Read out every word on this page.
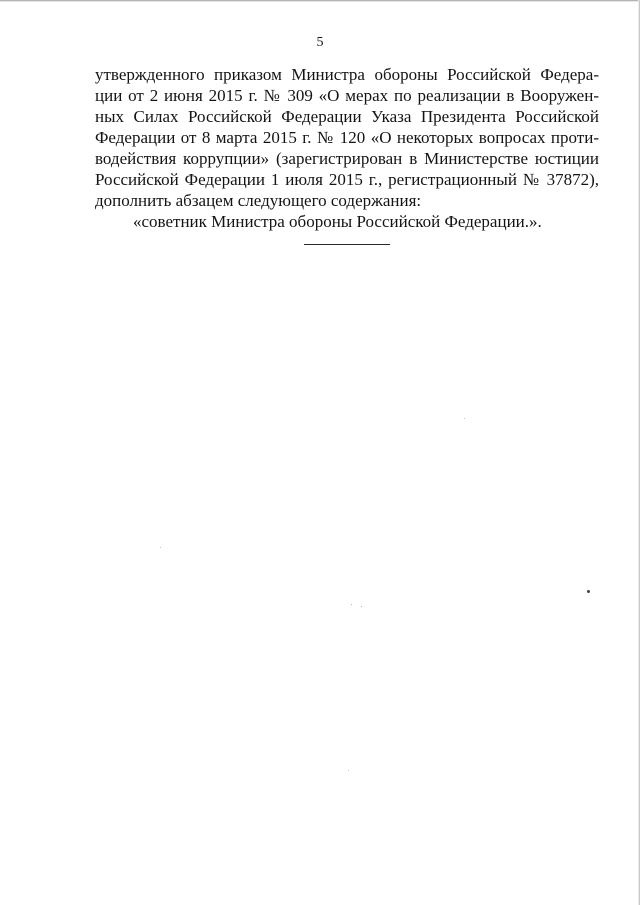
5
утвержденного приказом Министра обороны Российской Федера-
ции от 2 июня 2015 г. № 309 «О мерах по реализации в Вооружен-
ных Силах Российской Федерации Указа Президента Российской
Федерации от 8 марта 2015 г. № 120 «О некоторых вопросах проти-
водействия коррупции» (зарегистрирован в Министерстве юстиции
Российской Федерации 1 июля 2015 г., регистрационный № 37872),
дополнить абзацем следующего содержания:
«советник Министра обороны Российской Федерации.».
